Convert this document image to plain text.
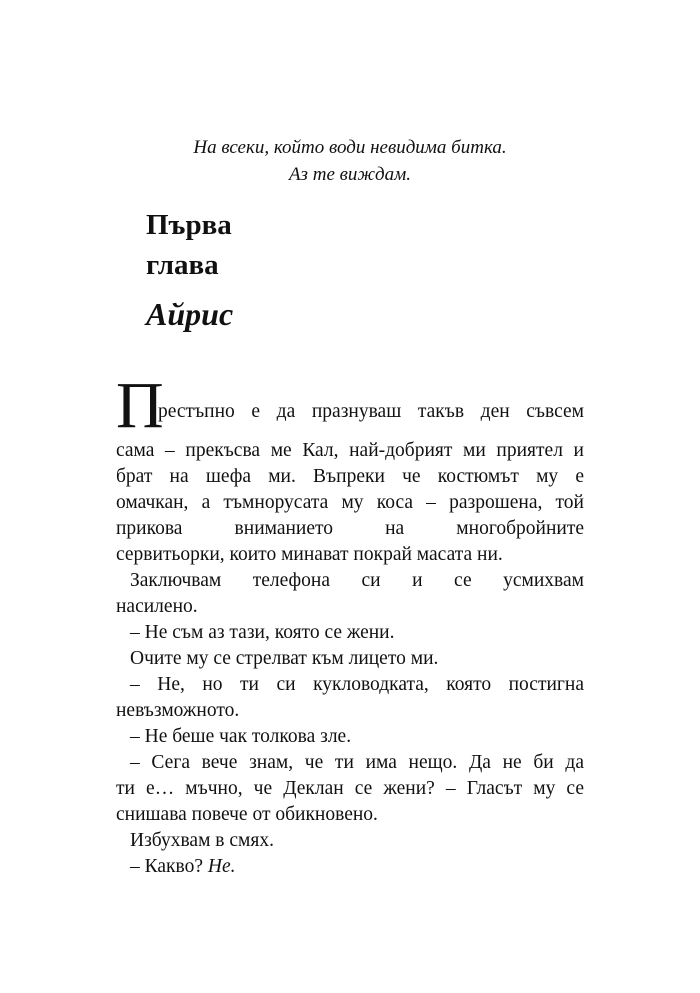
На всеки, който води невидима битка.
Аз те виждам.
Първа
глава
Айрис
П
рестъпно е да празнуваш такъв ден съвсем
сама – прекъсва ме Кал, най-добрият ми приятел и
брат на шефа ми. Въпреки че костюмът му е
омачкан, а тъмнорусата му коса – разрошена, той
прикова вниманието на многобройните
сервитьорки, които минават покрай масата ни.
Заключвам телефона си и се усмихвам
насилено.
– Не съм аз тази, която се жени.
Очите му се стрелват към лицето ми.
– Не, но ти си кукловодката, която постигна
невъзможното.
– Не беше чак толкова зле.
– Сега вече знам, че ти има нещо. Да не би да
ти е… мъчно, че Деклан се жени? – Гласът му се
снишава повече от обикновено.
Избухвам в смях.
– Какво? Не.
